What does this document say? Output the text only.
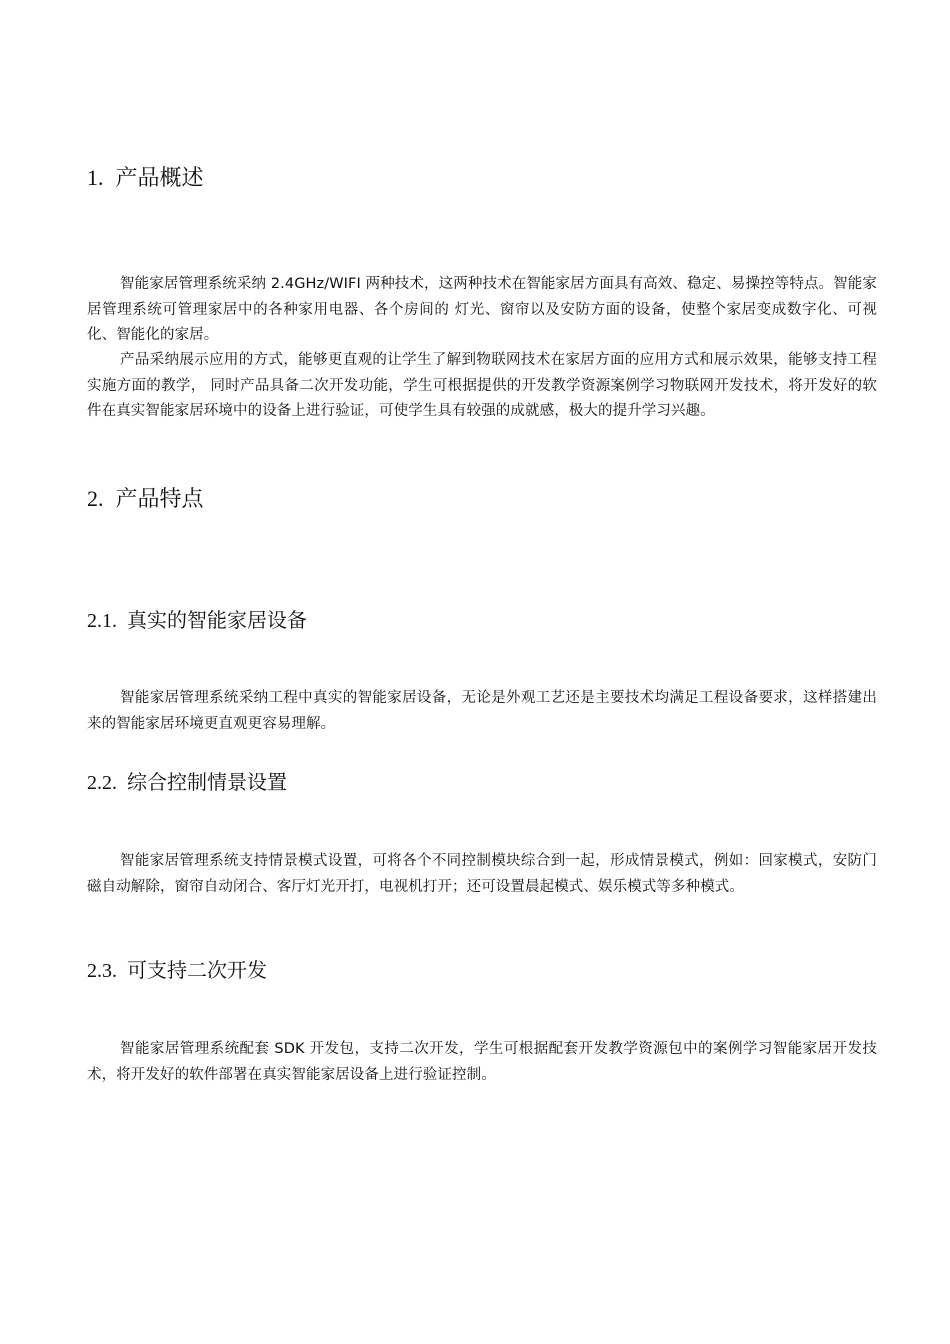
1. 产品概述

智能家居管理系统采纳 2.4GHz/WIFI 两种技术，这两种技术在智能家居方面具有高效、稳定、易操控等特点。智能家居管理系统可管理家居中的各种家用电器、各个房间的 灯光、窗帘以及安防方面的设备，使整个家居变成数字化、可视化、智能化的家居。

产品采纳展示应用的方式，能够更直观的让学生了解到物联网技术在家居方面的应用方式和展示效果，能够支持工程实施方面的教学， 同时产品具备二次开发功能，学生可根据提供的开发教学资源案例学习物联网开发技术，将开发好的软件在真实智能家居环境中的设备上进行验证，可使学生具有较强的成就感，极大的提升学习兴趣。

2. 产品特点
2.1. 真实的智能家居设备

智能家居管理系统采纳工程中真实的智能家居设备，无论是外观工艺还是主要技术均满足工程设备要求，这样搭建出来的智能家居环境更直观更容易理解。

2.2. 综合控制情景设置

智能家居管理系统支持情景模式设置，可将各个不同控制模块综合到一起，形成情景模式，例如：回家模式，安防门磁自动解除，窗帘自动闭合、客厅灯光开打，电视机打开；还可设置晨起模式、娱乐模式等多种模式。

2.3. 可支持二次开发

智能家居管理系统配套 SDK 开发包，支持二次开发，学生可根据配套开发教学资源包中的案例学习智能家居开发技术，将开发好的软件部署在真实智能家居设备上进行验证控制。
